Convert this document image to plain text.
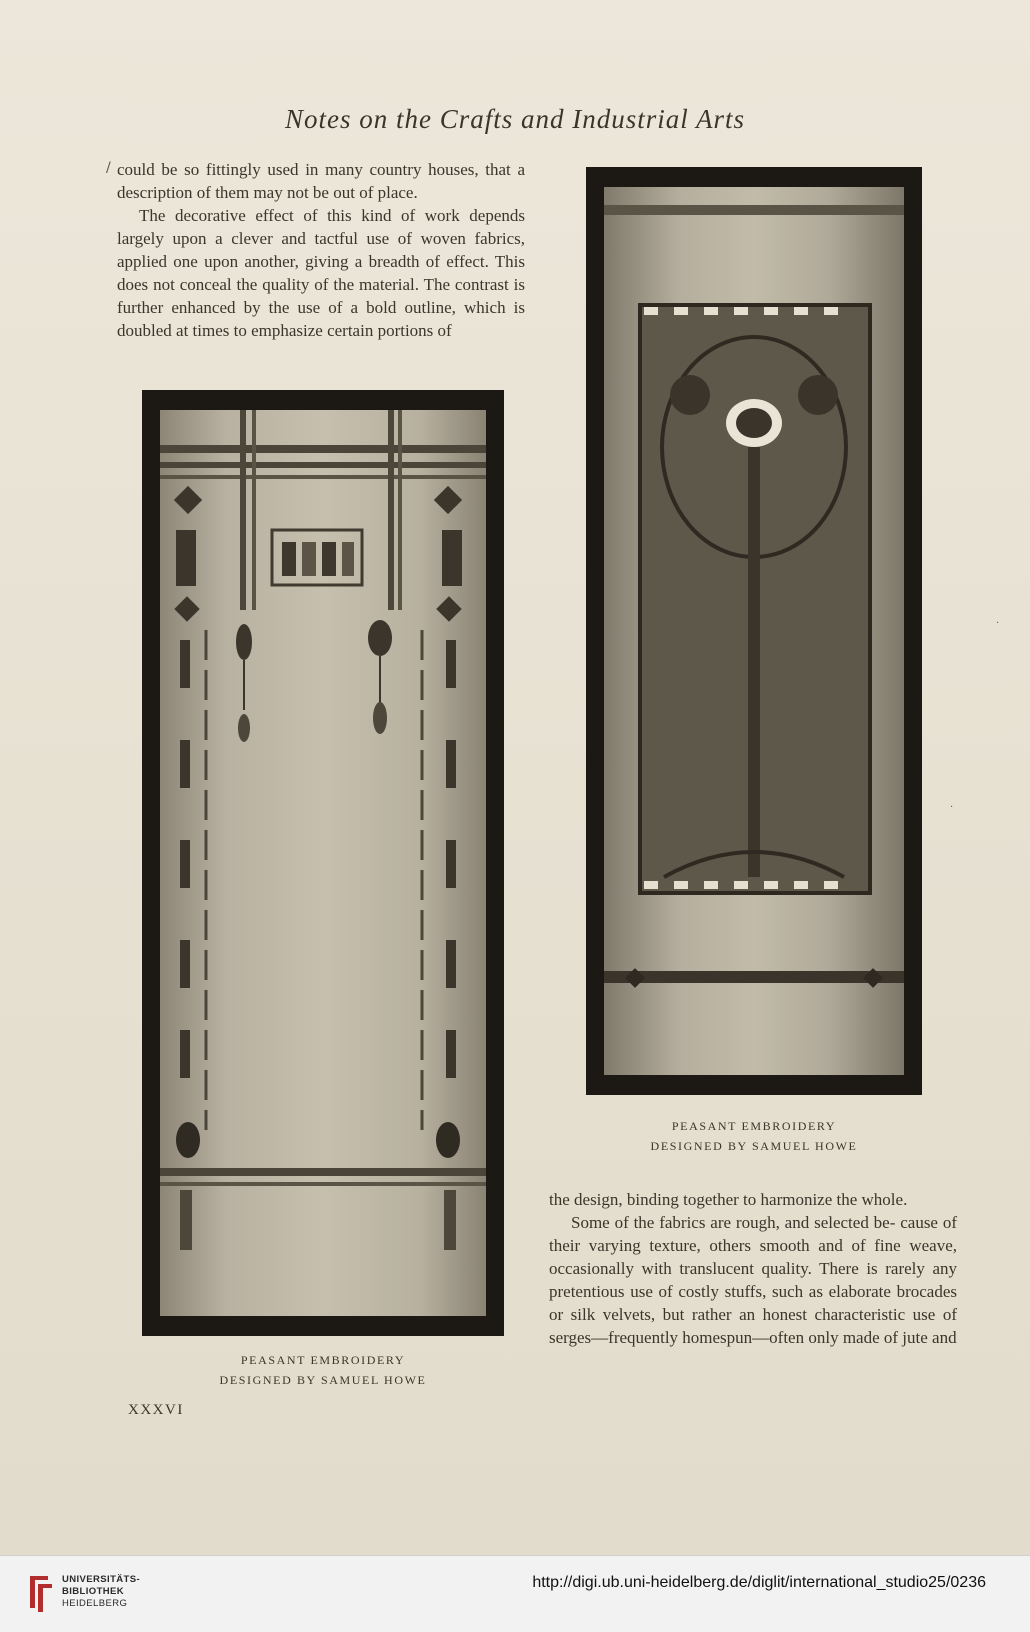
Notes on the Crafts and Industrial Arts
/ could be so fittingly used in many country houses, that a description of them may not be out of place.

The decorative effect of this kind of work depends largely upon a clever and tactful use of woven fabrics, applied one upon another, giving a breadth of effect. This does not conceal the quality of the material. The contrast is further enhanced by the use of a bold outline, which is doubled at times to emphasize certain portions of

PEASANT EMBROIDERY
DESIGNED BY SAMUEL HOWE

the design, binding together to harmonize the whole.

Some of the fabrics are rough, and selected be- cause of their varying texture, others smooth and of fine weave, occasionally with translucent quality. There is rarely any pretentious use of costly stuffs, such as elaborate brocades or silk velvets, but rather an honest characteristic use of serges—frequently homespun—often only made of jute and

PEASANT EMBROIDERY
DESIGNED BY SAMUEL HOWE
XXXVI
·
·
UNIVERSITÄTS-
BIBLIOTHEK
HEIDELBERG
http://digi.ub.uni-heidelberg.de/diglit/international_studio25/0236
